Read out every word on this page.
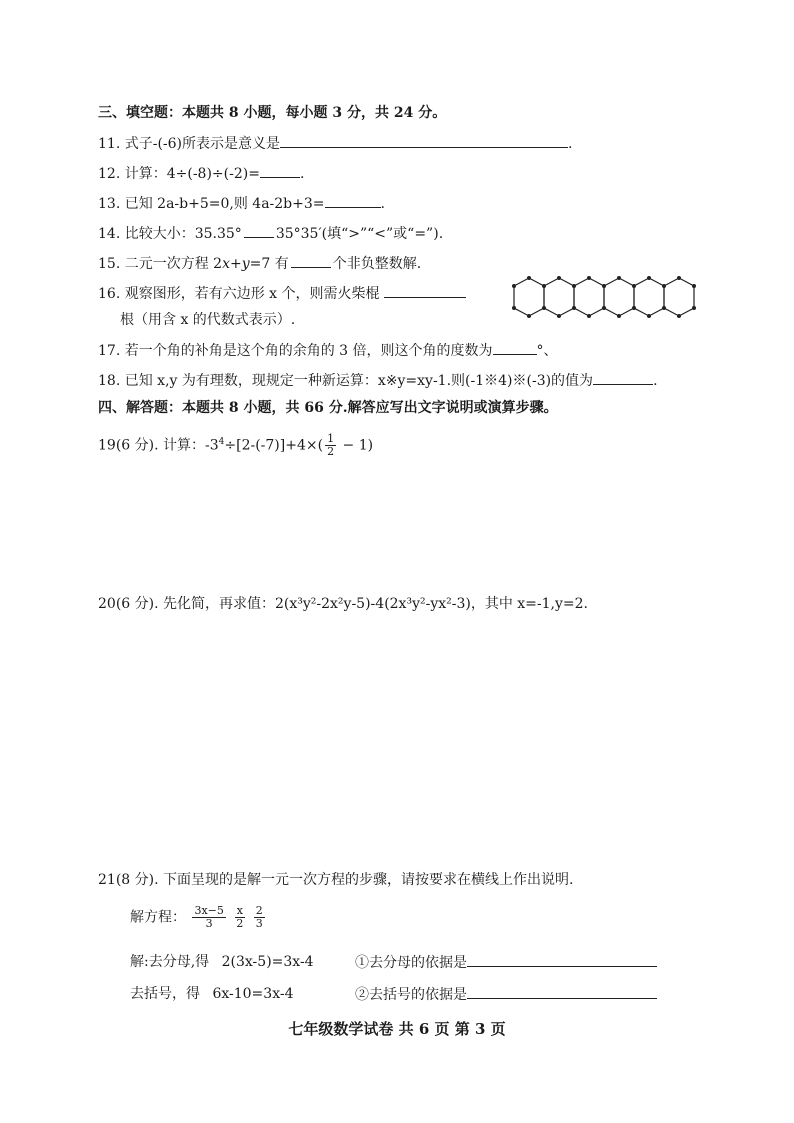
三、填空题：本题共 8 小题，每小题 3 分，共 24 分。
11. 式子-(-6)所表示是意义是	.
12. 计算：4÷(-8)÷(-2)=	.
13. 已知 2a-b+5=0,则 4a-2b+3=	.
14. 比较大小：35.35° 35°35′(填“>”“<”或“=”).
15. 二元一次方程 2x+y=7 有	个非负整数解.
16. 观察图形，若有六边形 x 个，则需火柴棍
根（用含 x 的代数式表示）.
17. 若一个角的补角是这个角的余角的 3 倍，则这个角的度数为	°、
18. 已知 x,y 为有理数，现规定一种新运算：x※y=xy-1.则(-1※4)※(-3)的值为	.
四、解答题：本题共 8 小题，共 66 分.解答应写出文字说明或演算步骤。
19(6 分). 计算：$-3^4\div[2-(-7)]+4\times( \frac{1}{2} - 1)$
20(6 分). 先化简，再求值：2(x³y²-2x²y-5)-4(2x³y²-yx²-3)，其中 x=-1,y=2.
21(8 分). 下面呈现的是解一元一次方程的步骤，请按要求在横线上作出说明.
解方程： $\frac{3x-5}{3}$
$\frac{x}{2}$
$\frac{2}{3}$
解:去分母,得 2(3x-5)=3x-4	①去分母的依据是
去括号，得 6x-10=3x-4	②去括号的依据是
七年级数学试卷 共 6 页 第 3 页
